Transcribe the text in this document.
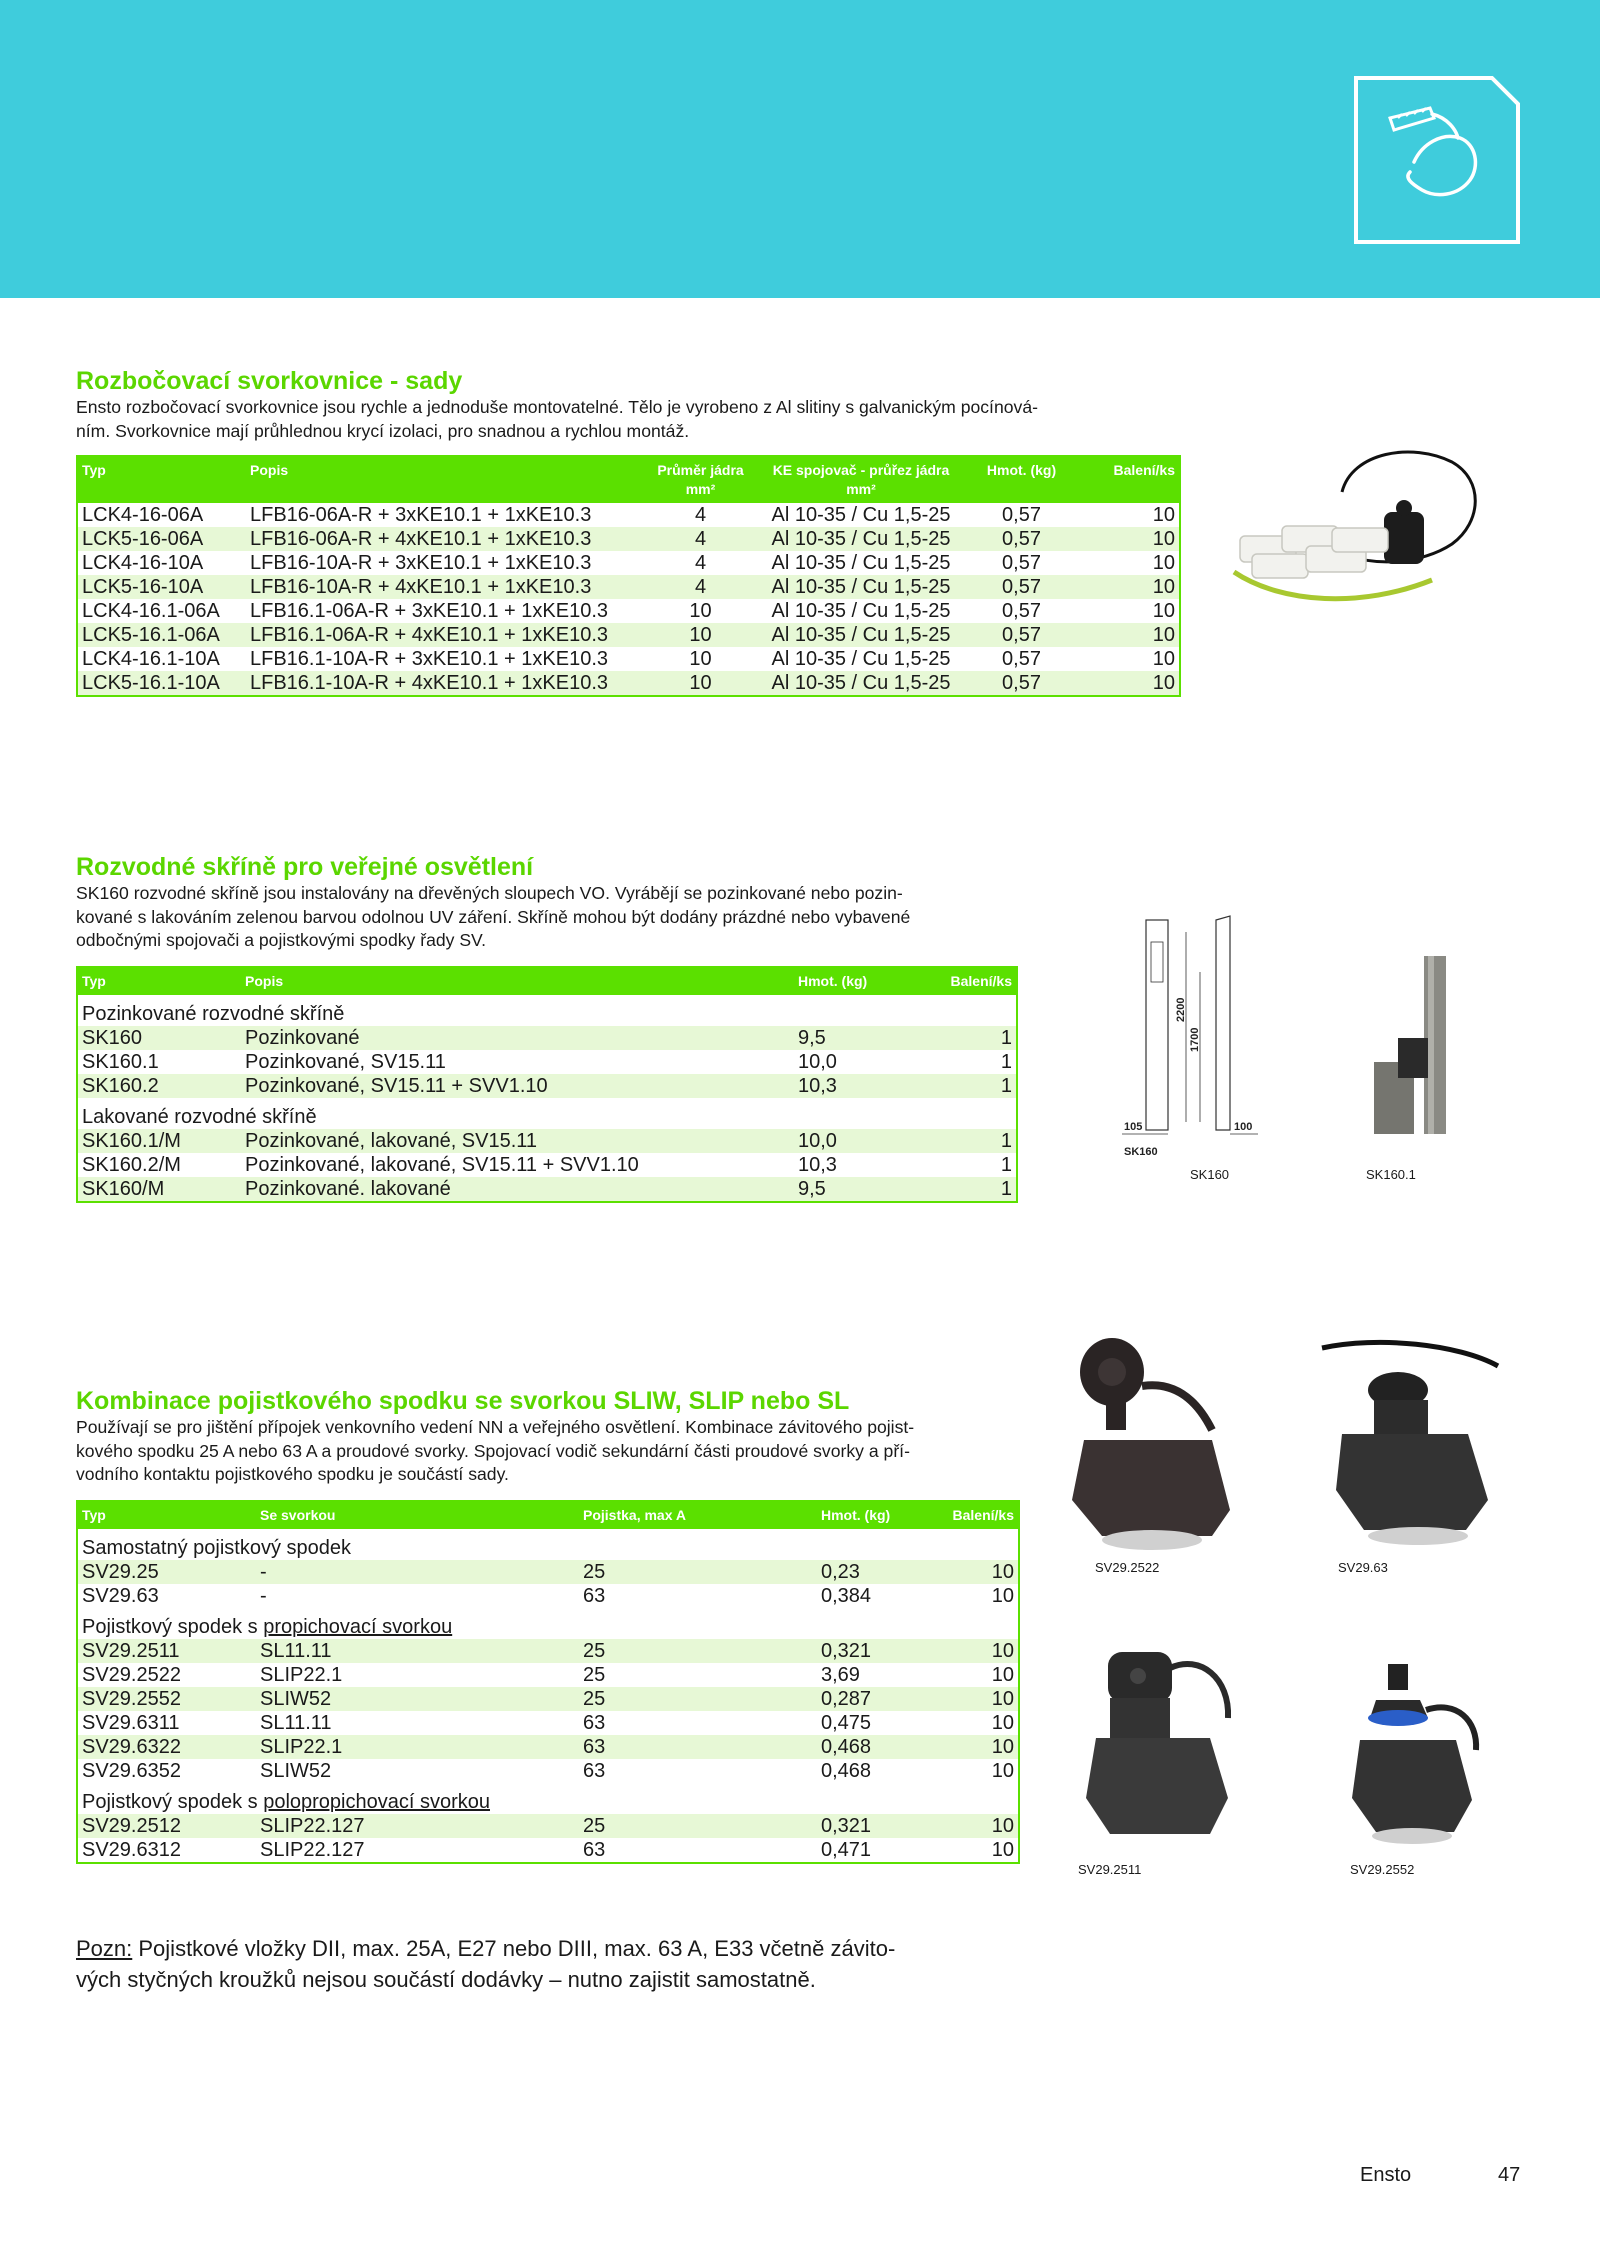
Rozbočovací svorkovnice - sady

Ensto rozbočovací svorkovnice jsou rychle a jednoduše montovatelné. Tělo je vyrobeno z Al slitiny s galvanickým pocínová-

ním. Svorkovnice mají průhlednou krycí izolaci, pro snadnou a rychlou montáž.

Typ	Popis	Průměr jádra mm²	KE spojovač - průřez jádra mm²	Hmot. (kg)	Balení/ks
LCK4-16-06A	LFB16-06A-R + 3xKE10.1 + 1xKE10.3	4	Al 10-35 / Cu 1,5-25	0,57	10
LCK5-16-06A	LFB16-06A-R + 4xKE10.1 + 1xKE10.3	4	Al 10-35 / Cu 1,5-25	0,57	10
LCK4-16-10A	LFB16-10A-R + 3xKE10.1 + 1xKE10.3	4	Al 10-35 / Cu 1,5-25	0,57	10
LCK5-16-10A	LFB16-10A-R + 4xKE10.1 + 1xKE10.3	4	Al 10-35 / Cu 1,5-25	0,57	10
LCK4-16.1-06A	LFB16.1-06A-R + 3xKE10.1 + 1xKE10.3	10	Al 10-35 / Cu 1,5-25	0,57	10
LCK5-16.1-06A	LFB16.1-06A-R + 4xKE10.1 + 1xKE10.3	10	Al 10-35 / Cu 1,5-25	0,57	10
LCK4-16.1-10A	LFB16.1-10A-R + 3xKE10.1 + 1xKE10.3	10	Al 10-35 / Cu 1,5-25	0,57	10
LCK5-16.1-10A	LFB16.1-10A-R + 4xKE10.1 + 1xKE10.3	10	Al 10-35 / Cu 1,5-25	0,57	10
Rozvodné skříně pro veřejné osvětlení

SK160 rozvodné skříně jsou instalovány na dřevěných sloupech VO. Vyrábějí se pozinkované nebo pozin-

kované s lakováním zelenou barvou odolnou UV záření. Skříně mohou být dodány prázdné nebo vybavené

odbočnými spojovači a pojistkovými spodky řady SV.

Typ	Popis	Hmot. (kg)	Balení/ks
Pozinkované rozvodné skříně			
SK160	Pozinkované	9,5	1
SK160.1	Pozinkované, SV15.11	10,0	1
SK160.2	Pozinkované, SV15.11 + SVV1.10	10,3	1
Lakované rozvodné skříně			
SK160.1/M	Pozinkované, lakované, SV15.11	10,0	1
SK160.2/M	Pozinkované, lakované, SV15.11 + SVV1.10	10,3	1
SK160/M	Pozinkované. lakované	9,5	1
2200
1700
105	100
SK160
SK160	SK160.1
Kombinace pojistkového spodku se svorkou SLIW, SLIP nebo SL

Používají se pro jištění přípojek venkovního vedení NN a veřejného osvětlení. Kombinace závitového pojist-

kového spodku 25 A nebo 63 A a proudové svorky. Spojovací vodič sekundární části proudové svorky a pří-

vodního kontaktu pojistkového spodku je součástí sady.

Typ	Se svorkou	Pojistka, max A	Hmot. (kg)	Balení/ks
Samostatný pojistkový spodek				
SV29.25	-	25	0,23	10
SV29.63	-	63	0,384	10
Pojistkový spodek s propichovací svorkou				
SV29.2511	SL11.11	25	0,321	10
SV29.2522	SLIP22.1	25	3,69	10
SV29.2552	SLIW52	25	0,287	10
SV29.6311	SL11.11	63	0,475	10
SV29.6322	SLIP22.1	63	0,468	10
SV29.6352	SLIW52	63	0,468	10
Pojistkový spodek s polopropichovací svorkou				
SV29.2512	SLIP22.127	25	0,321	10
SV29.6312	SLIP22.127	63	0,471	10
SV29.2522	SV29.63
SV29.2511	SV29.2552
Pozn: Pojistkové vložky DII, max. 25A, E27 nebo DIII, max. 63 A, E33 včetně závito-
vých styčných kroužků nejsou součástí dodávky – nutno zajistit samostatně.
Ensto	47
